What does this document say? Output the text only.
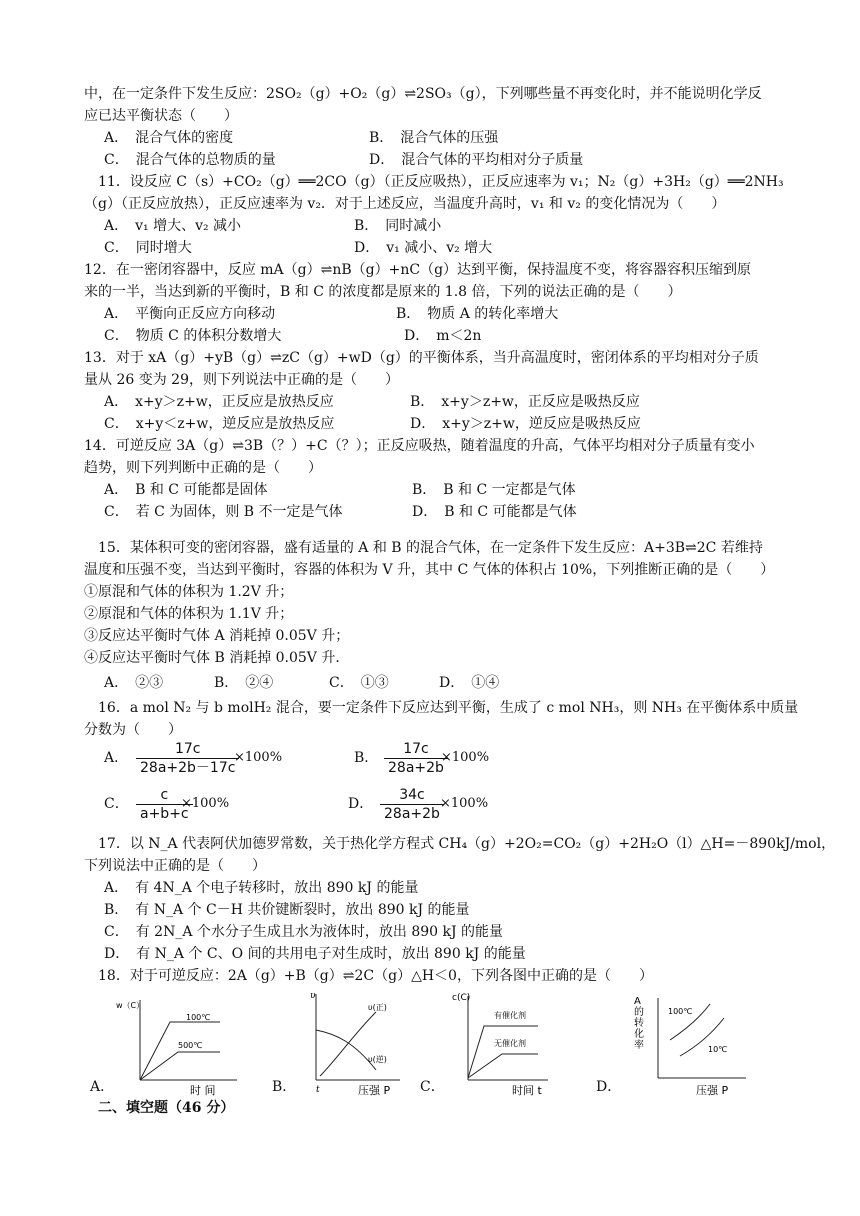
中，在一定条件下发生反应：2SO₂（g）+O₂（g）⇌2SO₃（g），下列哪些量不再变化时，并不能说明化学反
应已达平衡状态（　　）
A．　混合气体的密度	B．　混合气体的压强
C．　混合气体的总物质的量	D．　混合气体的平均相对分子质量
11．设反应 C（s）+CO₂（g）══2CO（g）（正反应吸热），正反应速率为 v₁；N₂（g）+3H₂（g）══2NH₃
（g）（正反应放热），正反应速率为 v₂．对于上述反应，当温度升高时，v₁ 和 v₂ 的变化情况为（　　）
A．　v₁ 增大、v₂ 减小	B．　同时减小
C．　同时增大	D．　v₁ 减小、v₂ 增大
12．在一密闭容器中，反应 mA（g）⇌nB（g）+nC（g）达到平衡，保持温度不变，将容器容积压缩到原
来的一半，当达到新的平衡时，B 和 C 的浓度都是原来的 1.8 倍，下列的说法正确的是（　　）
A．　平衡向正反应方向移动	B．　物质 A 的转化率增大
C．　物质 C 的体积分数增大	D．　m＜2n
13．对于 xA（g）+yB（g）⇌zC（g）+wD（g）的平衡体系，当升高温度时，密闭体系的平均相对分子质
量从 26 变为 29，则下列说法中正确的是（　　）
A．　x+y＞z+w，正反应是放热反应	B．　x+y＞z+w，正反应是吸热反应
C．　x+y＜z+w，逆反应是放热反应	D．　x+y＞z+w，逆反应是吸热反应
14．可逆反应 3A（g）⇌3B（？）+C（？）；正反应吸热，随着温度的升高，气体平均相对分子质量有变小
趋势，则下列判断中正确的是（　　）
A．　B 和 C 可能都是固体	B．　B 和 C 一定都是气体
C．　若 C 为固体，则 B 不一定是气体	D．　B 和 C 可能都是气体
15．某体积可变的密闭容器，盛有适量的 A 和 B 的混合气体，在一定条件下发生反应：A+3B⇌2C 若维持
温度和压强不变，当达到平衡时，容器的体积为 V 升，其中 C 气体的体积占 10%，下列推断正确的是（　　）
①原混和气体的体积为 1.2V 升；
②原混和气体的体积为 1.1V 升；
③反应达平衡时气体 A 消耗掉 0.05V 升；
④反应达平衡时气体 B 消耗掉 0.05V 升．
A．　②③	B．　②④	C．　①③	D．　①④
16．a mol N₂ 与 b molH₂ 混合，要一定条件下反应达到平衡，生成了 c mol NH₃，则 NH₃ 在平衡体系中质量
分数为（　　）
A． $\frac{17c}{28a+2b-17c}$
×100%	B． $\frac{17c}{28a+2b}$
×100%
C． $\frac{c}{a+b+c}$
×100%	D． $\frac{34c}{28a+2b}$
×100%
17．以 N_A 代表阿伏加德罗常数，关于热化学方程式 CH₄（g）+2O₂=CO₂（g）+2H₂O（l）△H=－890kJ/mol，
下列说法中正确的是（　　）
A．　有 4N_A 个电子转移时，放出 890 kJ 的能量
B．　有 N_A 个 C－H 共价键断裂时，放出 890 kJ 的能量
C．　有 2N_A 个水分子生成且水为液体时，放出 890 kJ 的能量
D．　有 N_A 个 C、O 间的共用电子对生成时，放出 890 kJ 的能量
18．对于可逆反应：2A（g）+B（g）⇌2C（g）△H＜0，下列各图中正确的是（　　）
A．
w（C）
100℃
500℃
时 间	B．
υ
υ(正)
υ(逆)
t	压强 P C．
c(C)
有催化剂
无催化剂
时间 t	D．
A 的转化率
100℃
10℃
压强 P
二、填空题（46 分）
